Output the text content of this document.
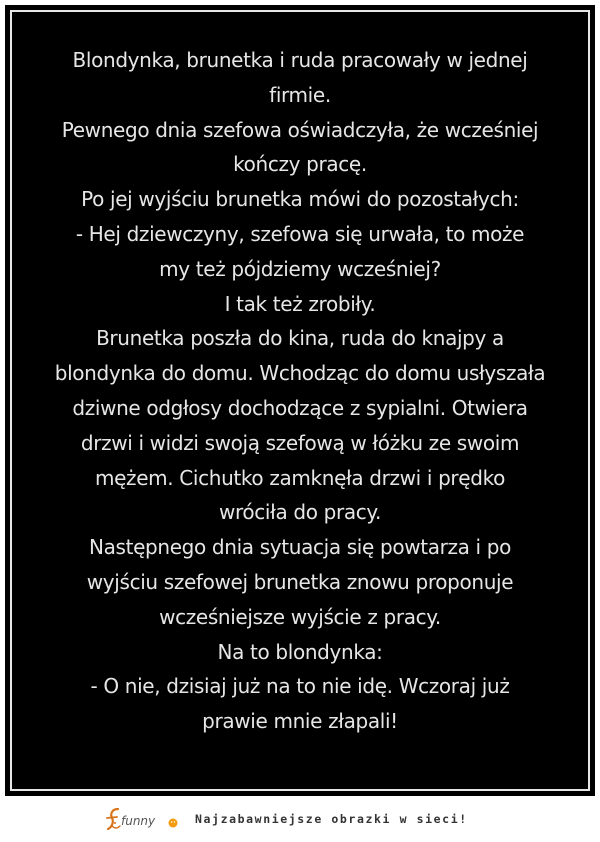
Blondynka, brunetka i ruda pracowały w jednej
firmie.
Pewnego dnia szefowa oświadczyła, że wcześniej
kończy pracę.
Po jej wyjściu brunetka mówi do pozostałych:
- Hej dziewczyny, szefowa się urwała, to może
my też pójdziemy wcześniej?
I tak też zrobiły.
Brunetka poszła do kina, ruda do knajpy a
blondynka do domu. Wchodząc do domu usłyszała
dziwne odgłosy dochodzące z sypialni. Otwiera
drzwi i widzi swoją szefową w łóżku ze swoim
mężem. Cichutko zamknęła drzwi i prędko
wróciła do pracy.
Następnego dnia sytuacja się powtarza i po
wyjściu szefowej brunetka znowu proponuje
wcześniejsze wyjście z pracy.
Na to blondynka:
- O nie, dzisiaj już na to nie idę. Wczoraj już
prawie mnie złapali!
funny	Najzabawniejsze obrazki w sieci!
